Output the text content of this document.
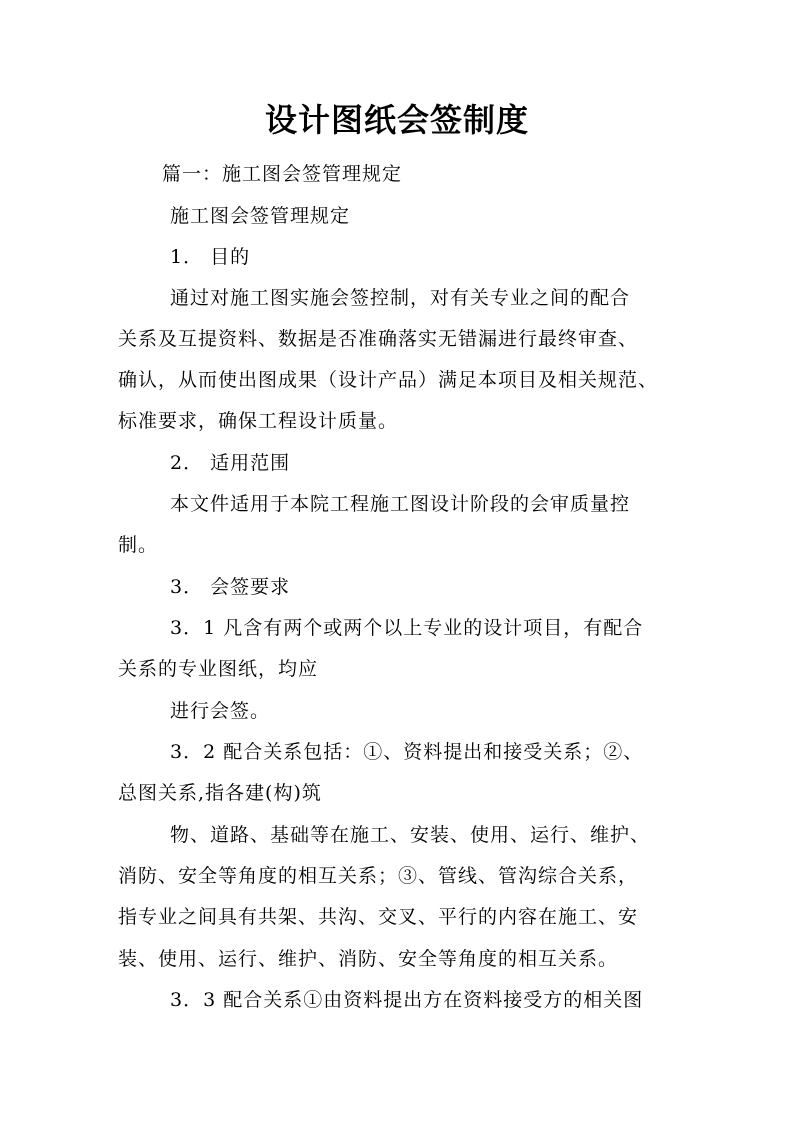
设计图纸会签制度
篇一：施工图会签管理规定
施工图会签管理规定
1． 目的
通过对施工图实施会签控制，对有关专业之间的配合
关系及互提资料、数据是否准确落实无错漏进行最终审查、
确认，从而使出图成果（设计产品）满足本项目及相关规范、
标准要求，确保工程设计质量。
2． 适用范围
本文件适用于本院工程施工图设计阶段的会审质量控
制。
3． 会签要求
3．1 凡含有两个或两个以上专业的设计项目，有配合
关系的专业图纸，均应
进行会签。
3．2 配合关系包括：①、资料提出和接受关系；②、
总图关系,指各建(构)筑
物、道路、基础等在施工、安装、使用、运行、维护、
消防、安全等角度的相互关系；③、管线、管沟综合关系，
指专业之间具有共架、共沟、交叉、平行的内容在施工、安
装、使用、运行、维护、消防、安全等角度的相互关系。
3．3 配合关系①由资料提出方在资料接受方的相关图
